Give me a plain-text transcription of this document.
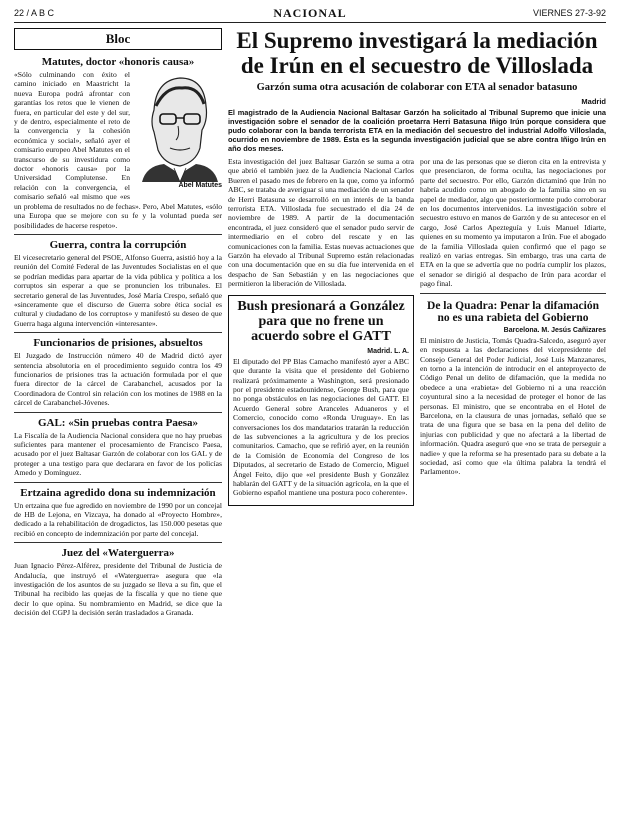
22 / A B C	NACIONAL	VIERNES 27-3-92
Bloc
Matutes, doctor «honoris causa»
Abel Matutes

«Sólo culminando con éxito el camino iniciado en Maastricht la nueva Europa podrá afrontar con garantías los retos que le vienen de fuera, en particular del este y del sur, y de dentro, especialmente el reto de la convergencia y la cohesión económica y social», señaló ayer el comisario europeo Abel Matutes en el transcurso de su investidura como doctor «honoris causa» por la Universidad Complutense. En relación con la convergencia, el comisario señaló «al mismo que «es un problema de resultados no de fechas». Pero, Abel Matutes, «sólo una Europa que se mejore con su fe y la voluntad pueda ser posibilidades de hacerse respeto».

Guerra, contra la corrupción

El vicesecretario general del PSOE, Alfonso Guerra, asistió hoy a la reunión del Comité Federal de las Juventudes Socialistas en el que se podrían medidas para apartar de la vida pública y política a los corruptos sin esperar a que se pronuncien los tribunales. El secretario general de las Juventudes, José María Crespo, señaló que «sinceramente que el discurso de Guerra sobre ética social es cultural y ciudadano de los corruptos» y manifestó su deseo de que Guerra haga alguna intervención «interesante».

Funcionarios de prisiones, absueltos

El Juzgado de Instrucción número 40 de Madrid dictó ayer sentencia absolutoria en el procedimiento seguido contra los 49 funcionarios de prisiones tras la actuación formulada por el que fuera director de la cárcel de Carabanchel, acusados por la Coordinadora de Control sin relación con los motines de 1988 en la cárcel de Carabanchel-Jóvenes.

GAL: «Sin pruebas contra Paesa»

La Fiscalía de la Audiencia Nacional considera que no hay pruebas suficientes para mantener el procesamiento de Francisco Paesa, acusado por el juez Baltasar Garzón de colaborar con los GAL y de proteger a una testigo para que declarara en favor de los policías Amedo y Domínguez.

Ertzaina agredido dona su indemnización

Un ertzaina que fue agredido en noviembre de 1990 por un concejal de HB de Lejona, en Vizcaya, ha donado al «Proyecto Hombre», dedicado a la rehabilitación de drogadictos, las 150.000 pesetas que recibió en concepto de indemnización por parte del concejal.

Juez del «Waterguerra»

Juan Ignacio Pérez-Alférez, presidente del Tribunal de Justicia de Andalucía, que instruyó el «Waterguerra» asegura que «la investigación de los asuntos de su juzgado se lleva a su fin, que el Tribunal ha recibido las quejas de la fiscalía y que no tiene que decir lo que opina. Su nombramiento en Madrid, se dice que la decisión del CGPJ la decisión serán trasladados a Granada.

El Supremo investigará la mediación de Irún en el secuestro de Villoslada
Garzón suma otra acusación de colaborar con ETA al senador batasuno
Madrid

El magistrado de la Audiencia Nacional Baltasar Garzón ha solicitado al Tribunal Supremo que inicie una investigación sobre el senador de la coalición proetarra Herri Batasuna Iñigo Irún porque considera que pudo colaborar con la banda terrorista ETA en la mediación del secuestro del industrial Adolfo Villoslada, ocurrido en noviembre de 1989. Ésta es la segunda investigación judicial que se abre contra Iñigo Irún en año dos meses.

Esta investigación del juez Baltasar Garzón se suma a otra que abrió el también juez de la Audiencia Nacional Carlos Bueren el pasado mes de febrero en la que, como ya informó ABC, se trataba de averiguar si una mediación de un senador de Herri Batasuna se desarrolló en un interés de la banda terrorista ETA. Villoslada fue secuestrado el día 24 de noviembre de 1989. A partir de la documentación encontrada, el juez consideró que el senador pudo servir de intermediario en el cobro del rescate y en las comunicaciones con la familia. Estas nuevas actuaciones que Garzón ha elevado al Tribunal Supremo están relacionadas con una documentación que en su día fue intervenida en el despacho de San Sebastián y en las negociaciones que permitieron la liberación de Villoslada.

Bush presionará a González para que no frene un acuerdo sobre el GATT
Madrid. L. A.

El diputado del PP Blas Camacho manifestó ayer a ABC que durante la visita que el presidente del Gobierno realizará próximamente a Washington, será presionado por el presidente estadounidense, George Bush, para que no ponga obstáculos en las negociaciones del GATT. El Acuerdo General sobre Aranceles Aduaneros y el Comercio, conocido como «Ronda Uruguay». En las conversaciones los dos mandatarios tratarán la reducción de las subvenciones a la agricultura y de los precios comunitarios. Camacho, que se refirió ayer, en la reunión de la Comisión de Economía del Congreso de los Diputados, al secretario de Estado de Comercio, Miguel Ángel Feito, dijo que «el presidente Bush y González hablarán del GATT y de la situación agrícola, en la que el Gobierno español mantiene una postura poco coherente».

por una de las personas que se dieron cita en la entrevista y que presenciaron, de forma oculta, las negociaciones por parte del secuestro. Por ello, Garzón dictaminó que Irún no habría acudido como un abogado de la familia sino en su papel de mediador, algo que posteriormente pudo corroborar en los documentos intervenidos. La investigación sobre el secuestro estuvo en manos de Garzón y de su antecesor en el cargo, José Carlos Apezteguía y Luis Manuel Idiarte, quienes en su momento ya imputaron a Irún. Fue el abogado de la familia Villoslada quien confirmó que el pago se realizó en varias entregas. Sin embargo, tras una carta de ETA en la que se advertía que no podría cumplir los plazos, el senador se dirigió al despacho de Irún para acordar el pago final.

De la Quadra: Penar la difamación no es una rabieta del Gobierno
Barcelona. M. Jesús Cañizares

El ministro de Justicia, Tomás Quadra-Salcedo, aseguró ayer en respuesta a las declaraciones del vicepresidente del Consejo General del Poder Judicial, José Luis Manzanares, en torno a la intención de introducir en el anteproyecto de Código Penal un delito de difamación, que la medida no obedece a una «rabieta» del Gobierno ni a una reacción coyuntural sino a la necesidad de proteger el honor de las personas. El ministro, que se encontraba en el Hotel de Barcelona, en la clausura de unas jornadas, señaló que se trata de una figura que se basa en la pena del delito de injurias con publicidad y que no afectará a la libertad de información. Quadra aseguró que «no se trata de perseguir a nadie» y que la reforma se ha presentado para su debate a la sociedad, así como que «la última palabra la tendrá el Parlamento».
